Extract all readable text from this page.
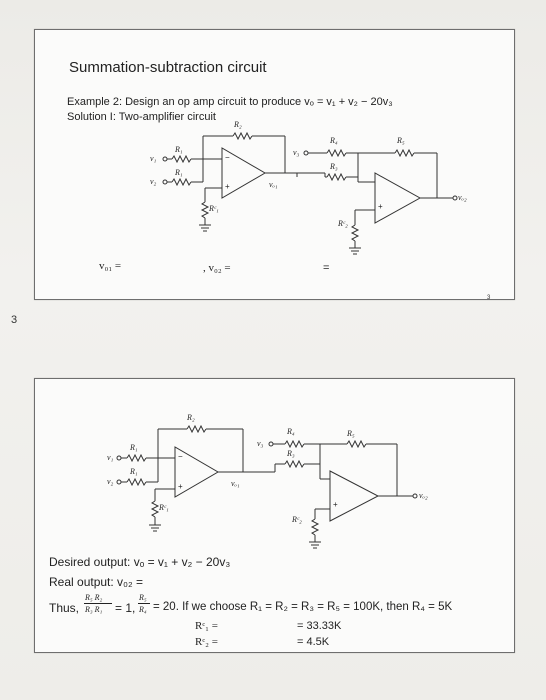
Summation-subtraction circuit
Example 2: Design an op amp circuit to produce vₒ = v₁ + v₂ − 20v₃
Solution I: Two-amplifier circuit
v₁
v₂
R₁
R₁
R₂
Rᶜ₁
vₒ₁
−
+
v₃
R₄
R₃
R₅
Rᶜ₂
vₒ₂
+
v₀₁ =	, v₀₂ =	=
3
3
v₁
v₂
R₁
R₁
R₂
Rᶜ₁
vₒ₁
−
+
v₃
R₄
R₃
R₅
Rᶜ₂
vₒ₂
+
Desired output: vₒ = v₁ + v₂ − 20v₃
Real output: v₀₂ =
Thus,
R₅ R₂
R₃ R₁ = 1,
R₅
R₄ = 20. If we choose R₁ = R₂ = R₃ = R₅ = 100K, then R₄ = 5K
Rᶜ₁ =	= 33.33K
Rᶜ₂ =	= 4.5K
